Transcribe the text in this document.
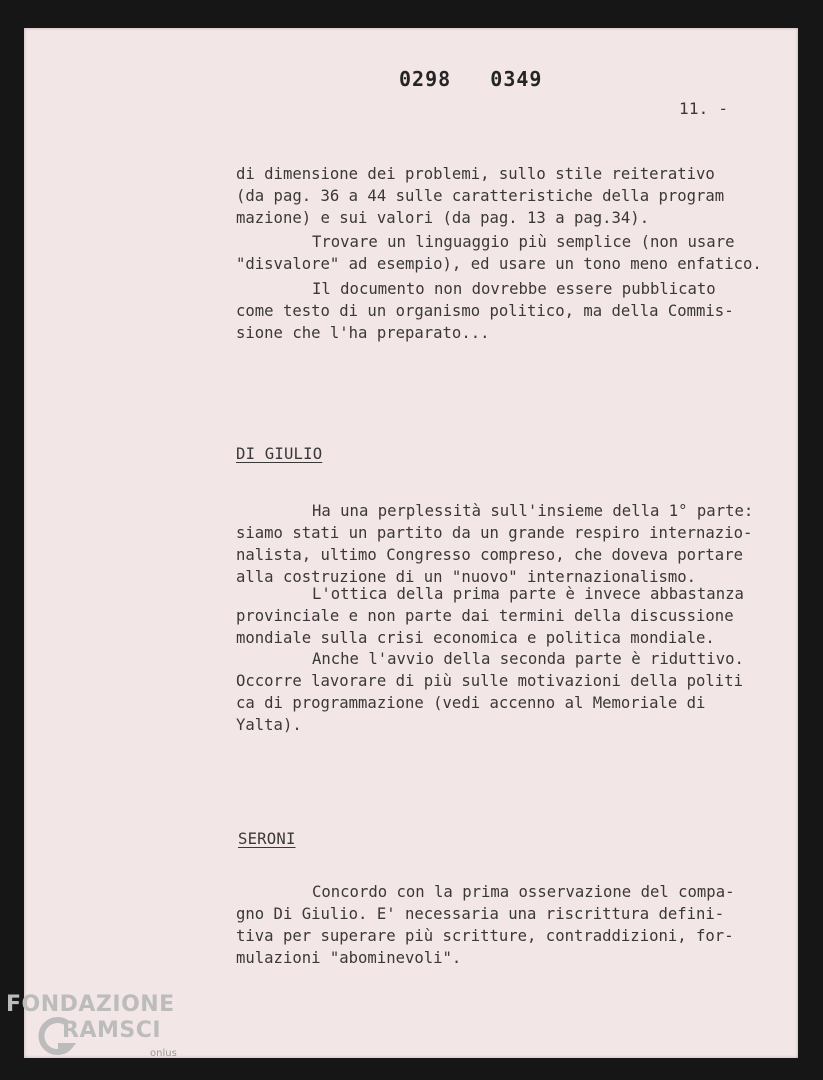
0298   0349
11. -
di dimensione dei problemi, sullo stile reiterativo
(da pag. 36 a 44 sulle caratteristiche della program
mazione) e sui valori (da pag. 13 a pag.34).
Trovare un linguaggio più semplice (non usare
"disvalore" ad esempio), ed usare un tono meno enfatico.
Il documento non dovrebbe essere pubblicato
come testo di un organismo politico, ma della Commis-
sione che l'ha preparato...
DI GIULIO
Ha una perplessità sull'insieme della 1° parte:
siamo stati un partito da un grande respiro internazio-
nalista, ultimo Congresso compreso, che doveva portare
alla costruzione di un "nuovo" internazionalismo.
L'ottica della prima parte è invece abbastanza
provinciale e non parte dai termini della discussione
mondiale sulla crisi economica e politica mondiale.
Anche l'avvio della seconda parte è riduttivo.
Occorre lavorare di più sulle motivazioni della politi
ca di programmazione (vedi accenno al Memoriale di
Yalta).
SERONI
Concordo con la prima osservazione del compa-
gno Di Giulio. E' necessaria una riscrittura defini-
tiva per superare più scritture, contraddizioni, for-
mulazioni "abominevoli".
FONDAZIONE
RAMSCI
onlus
